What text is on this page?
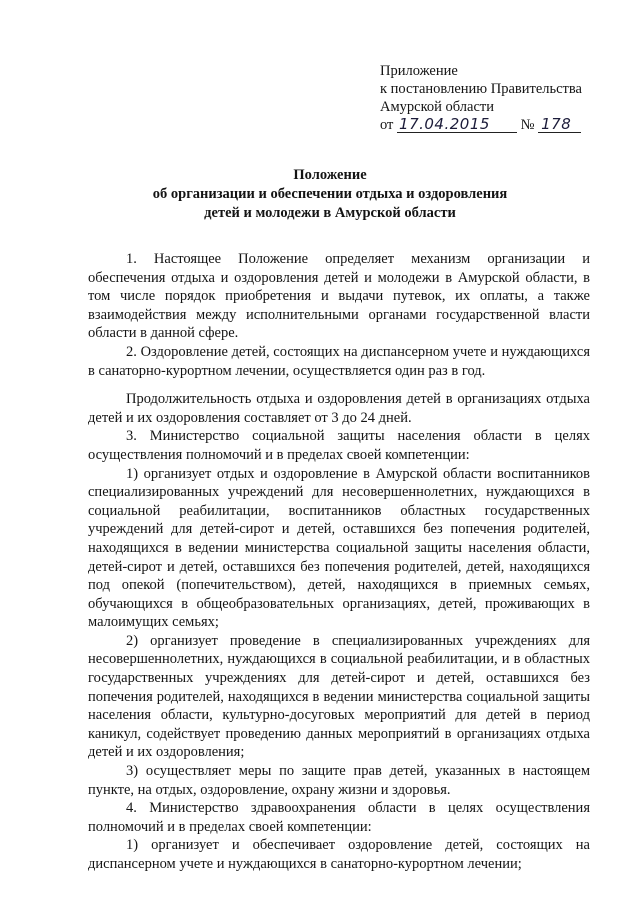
Приложение
к постановлению Правительства
Амурской области
от 17.04.2015 № 178
Положение
об организации и обеспечении отдыха и оздоровления
детей и молодежи в Амурской области

1. Настоящее Положение определяет механизм организации и обеспечения отдыха и оздоровления детей и молодежи в Амурской области, в том числе порядок приобретения и выдачи путевок, их оплаты, а также взаимодействия между исполнительными органами государственной власти области в данной сфере.

2. Оздоровление детей, состоящих на диспансерном учете и нуждающихся в санаторно-курортном лечении, осуществляется один раз в год.

Продолжительность отдыха и оздоровления детей в организациях отдыха детей и их оздоровления составляет от 3 до 24 дней.

3. Министерство социальной защиты населения области в целях осуществления полномочий и в пределах своей компетенции:

1) организует отдых и оздоровление в Амурской области воспитанников специализированных учреждений для несовершеннолетних, нуждающихся в социальной реабилитации, воспитанников областных государственных учреждений для детей-сирот и детей, оставшихся без попечения родителей, находящихся в ведении министерства социальной защиты населения области, детей-сирот и детей, оставшихся без попечения родителей, детей, находящихся под опекой (попечительством), детей, находящихся в приемных семьях, обучающихся в общеобразовательных организациях, детей, проживающих в малоимущих семьях;

2) организует проведение в специализированных учреждениях для несовершеннолетних, нуждающихся в социальной реабилитации, и в областных государственных учреждениях для детей-сирот и детей, оставшихся без попечения родителей, находящихся в ведении министерства социальной защиты населения области, культурно-досуговых мероприятий для детей в период каникул, содействует проведению данных мероприятий в организациях отдыха детей и их оздоровления;

3) осуществляет меры по защите прав детей, указанных в настоящем пункте, на отдых, оздоровление, охрану жизни и здоровья.

4. Министерство здравоохранения области в целях осуществления полномочий и в пределах своей компетенции:

1) организует и обеспечивает оздоровление детей, состоящих на диспансерном учете и нуждающихся в санаторно-курортном лечении;
